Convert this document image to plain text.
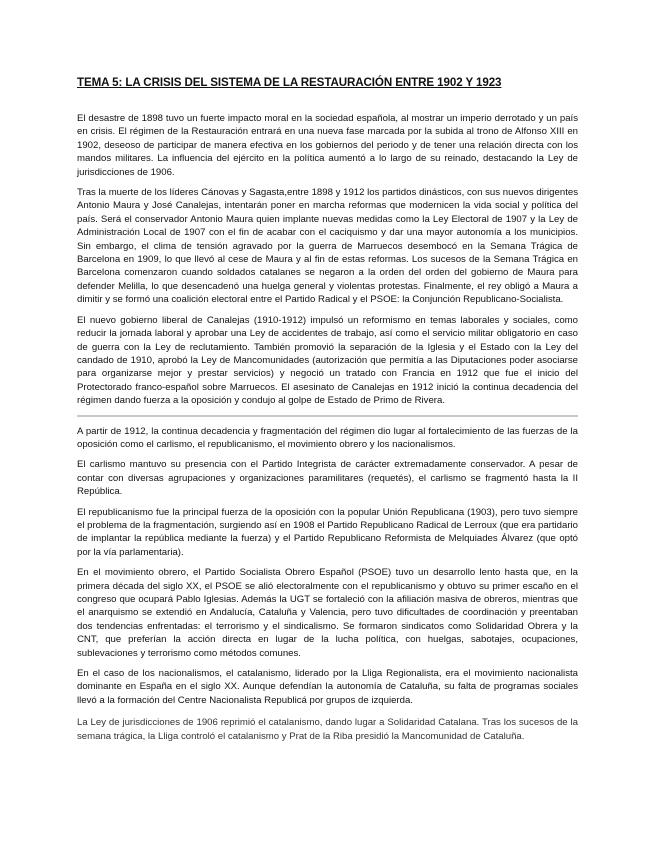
TEMA 5: LA CRISIS DEL SISTEMA DE LA RESTAURACIÓN ENTRE 1902 Y 1923

El desastre de 1898 tuvo un fuerte impacto moral en la sociedad española, al mostrar un imperio derrotado y un país en crisis. El régimen de la Restauración entrará en una nueva fase marcada por la subida al trono de Alfonso XIII en 1902, deseoso de participar de manera efectiva en los gobiernos del periodo y de tener una relación directa con los mandos militares. La influencia del ejército en la política aumentó a lo largo de su reinado, destacando la Ley de jurisdicciones de 1906.

Tras la muerte de los líderes Cánovas y Sagasta,entre 1898 y 1912 los partidos dinásticos, con sus nuevos dirigentes Antonio Maura y José Canalejas, intentarán poner en marcha reformas que modernicen la vida social y política del país. Será el conservador Antonio Maura quien implante nuevas medidas como la Ley Electoral de 1907 y la Ley de Administración Local de 1907 con el fin de acabar con el caciquismo y dar una mayor autonomía a los municipios. Sin embargo, el clima de tensión agravado por la guerra de Marruecos desembocó en la Semana Trágica de Barcelona en 1909, lo que llevó al cese de Maura y al fin de estas reformas. Los sucesos de la Semana Trágica en Barcelona comenzaron cuando soldados catalanes se negaron a la orden del orden del gobierno de Maura para defender Melilla, lo que desencadenó una huelga general y violentas protestas. Finalmente, el rey obligó a Maura a dimitir y se formó una coalición electoral entre el Partido Radical y el PSOE: la Conjunción Republicano-Socialista.

El nuevo gobierno liberal de Canalejas (1910-1912) impulsó un reformismo en temas laborales y sociales, como reducir la jornada laboral y aprobar una Ley de accidentes de trabajo, así como el servicio militar obligatorio en caso de guerra con la Ley de reclutamiento. También promovió la separación de la Iglesia y el Estado con la Ley del candado de 1910, aprobó la Ley de Mancomunidades (autorización que permitía a las Diputaciones poder asociarse para organizarse mejor y prestar servicios) y negoció un tratado con Francia en 1912 que fue el inicio del Protectorado franco-español sobre Marruecos. El asesinato de Canalejas en 1912 inició la continua decadencia del régimen dando fuerza a la oposición y condujo al golpe de Estado de Primo de Rivera.

A partir de 1912, la continua decadencia y fragmentación del régimen dio lugar al fortalecimiento de las fuerzas de la oposición como el carlismo, el republicanismo, el movimiento obrero y los nacionalismos.

El carlismo mantuvo su presencia con el Partido Integrista de carácter extremadamente conservador. A pesar de contar con diversas agrupaciones y organizaciones paramilitares (requetés), el carlismo se fragmentó hasta la II República.

El republicanismo fue la principal fuerza de la oposición con la popular Unión Republicana (1903), pero tuvo siempre el problema de la fragmentación, surgiendo así en 1908 el Partido Republicano Radical de Lerroux (que era partidario de implantar la república mediante la fuerza) y el Partido Republicano Reformista de Melquiades Álvarez (que optó por la vía parlamentaria).

En el movimiento obrero, el Partido Socialista Obrero Español (PSOE) tuvo un desarrollo lento hasta que, en la primera década del siglo XX, el PSOE se alió electoralmente con el republicanismo y obtuvo su primer escaño en el congreso que ocupará Pablo Iglesias. Además la UGT se fortaleció con la afiliación masiva de obreros, mientras que el anarquismo se extendió en Andalucía, Cataluña y Valencia, pero tuvo dificultades de coordinación y preentaban dos tendencias enfrentadas: el terrorismo y el sindicalismo. Se formaron sindicatos como Solidaridad Obrera y la CNT, que preferían la acción directa en lugar de la lucha política, con huelgas, sabotajes, ocupaciones, sublevaciones y terrorismo como métodos comunes.

En el caso de los nacionalismos, el catalanismo, liderado por la Lliga Regionalista, era el movimiento nacionalista dominante en España en el siglo XX. Aunque defendían la autonomía de Cataluña, su falta de programas sociales llevó a la formación del Centre Nacionalista Republicá por grupos de izquierda.

La Ley de jurisdicciones de 1906 reprimió el catalanismo, dando lugar a Solidaridad Catalana. Tras los sucesos de la semana trágica, la Lliga controló el catalanismo y Prat de la Riba presidió la Mancomunidad de Cataluña.
